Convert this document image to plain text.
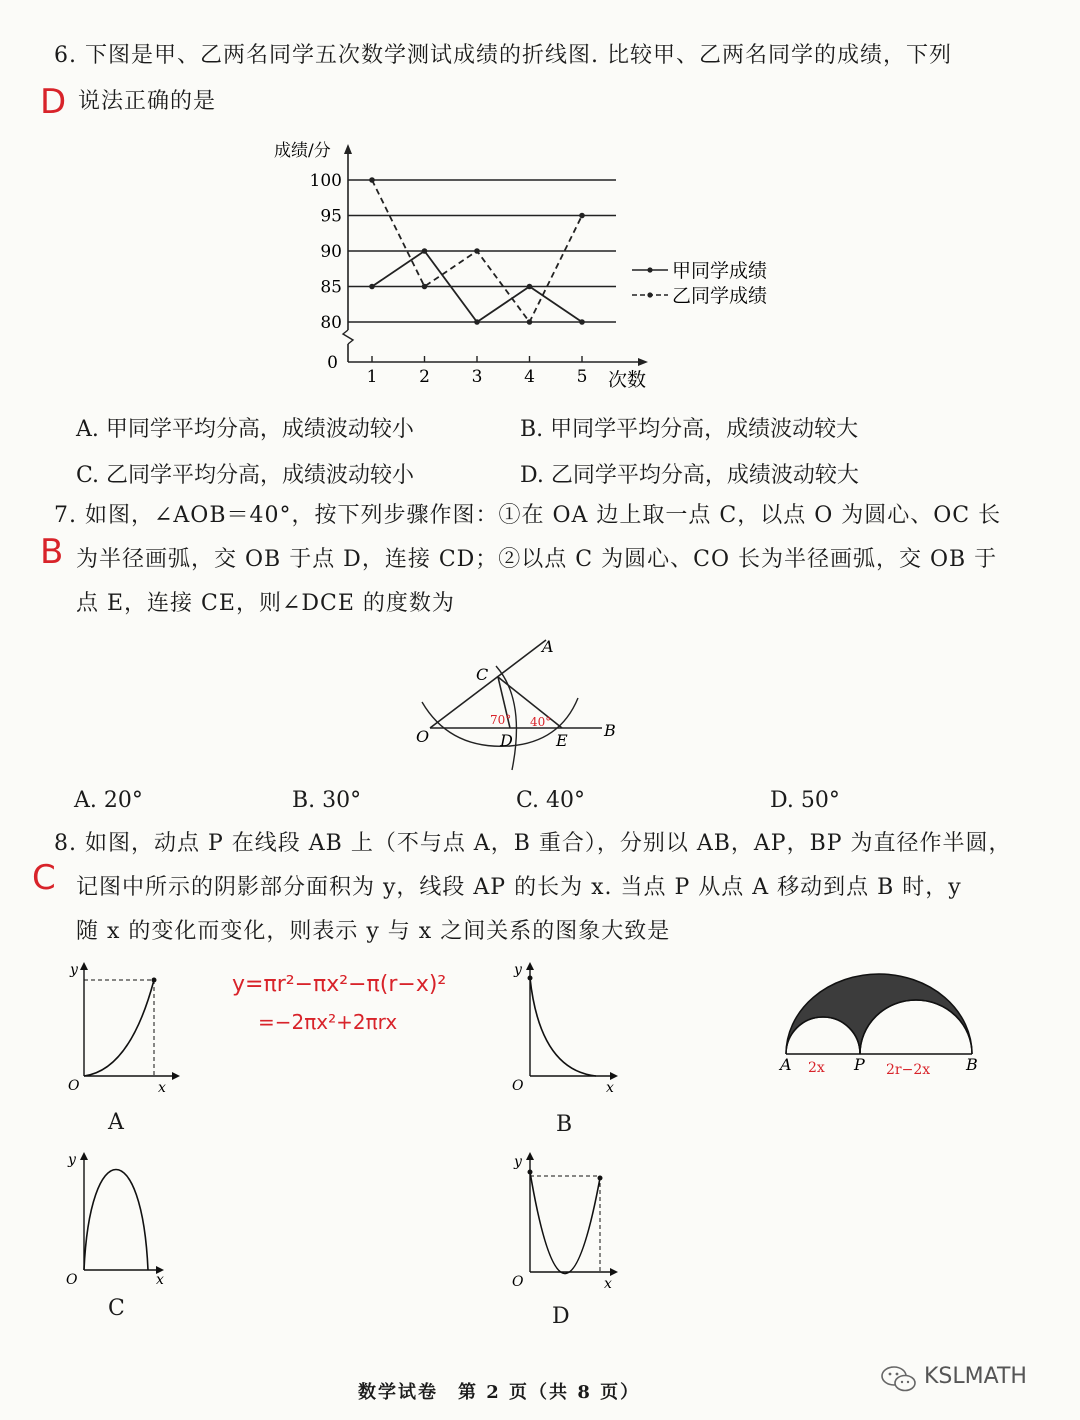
6. 下图是甲、乙两名同学五次数学测试成绩的折线图. 比较甲、乙两名同学的成绩，下列
D 说法正确的是
80
85
90
95
100
成绩/分
0
1 2 3 4 5 次数
甲同学成绩
乙同学成绩
A. 甲同学平均分高，成绩波动较小	B. 甲同学平均分高，成绩波动较大
C. 乙同学平均分高，成绩波动较小	D. 乙同学平均分高，成绩波动较大
7. 如图，∠AOB＝40°，按下列步骤作图：①在 OA 边上取一点 C，以点 O 为圆心、OC 长
B 为半径画弧，交 OB 于点 D，连接 CD；②以点 C 为圆心、CO 长为半径画弧，交 OB 于
点 E，连接 CE，则∠DCE 的度数为
A
B
C
O	D	E
70° 40°
A. 20°	B. 30°	C. 40°	D. 50°
8. 如图，动点 P 在线段 AB 上（不与点 A，B 重合），分别以 AB，AP，BP 为直径作半圆，
C 记图中所示的阴影部分面积为 y，线段 AP 的长为 x. 当点 P 从点 A 移动到点 B 时，y
随 x 的变化而变化，则表示 y 与 x 之间关系的图象大致是
y=πr²−πx²−π(r−x)²
=−2πx²+2πrx
A	P	B
2x	2r−2x
y
O	x
A
y
O	x
B
y
O	x
C
y
O	x
D
数学试卷　第 2 页（共 8 页）
KSLMATH
